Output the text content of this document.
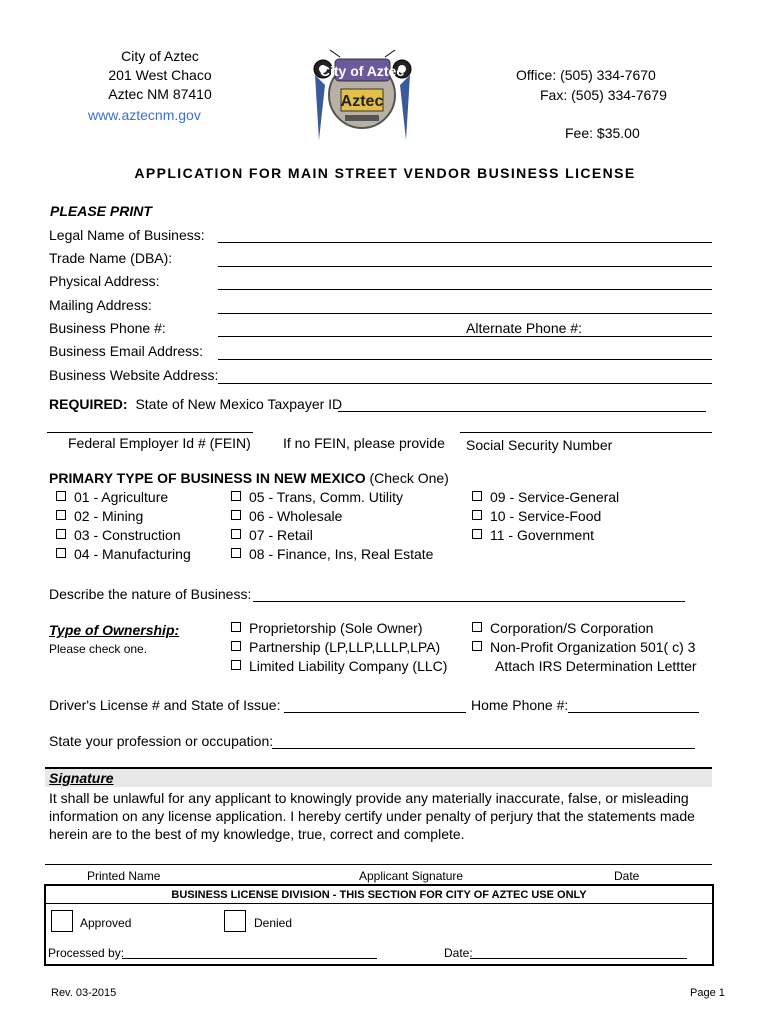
City of Aztec
201 West Chaco
Aztec NM 87410
www.aztecnm.gov
City of Aztec
Aztec
Office: (505) 334-7670
Fax: (505) 334-7679
Fee: $35.00
APPLICATION FOR MAIN STREET VENDOR BUSINESS LICENSE
PLEASE PRINT
Legal Name of Business:
Trade Name (DBA):
Physical Address:
Mailing Address:
Business Phone #:	Alternate Phone #:
Business Email Address:
Business Website Address:
REQUIRED: State of New Mexico Taxpayer ID
Federal Employer Id # (FEIN) If no FEIN, please provide Social Security Number
PRIMARY TYPE OF BUSINESS IN NEW MEXICO (Check One)
01 - Agriculture
02 - Mining
03 - Construction
04 - Manufacturing
05 - Trans, Comm. Utility
06 - Wholesale
07 - Retail
08 - Finance, Ins, Real Estate
09 - Service-General
10 - Service-Food
11 - Government
Describe the nature of Business:
Type of Ownership:
Please check one.
Proprietorship (Sole Owner)
Partnership (LP,LLP,LLLP,LPA)
Limited Liability Company (LLC)
Corporation/S Corporation
Non-Profit Organization 501( c) 3
Attach IRS Determination Lettter
Driver's License # and State of Issue:	Home Phone #:
State your profession or occupation:
Signature
It shall be unlawful for any applicant to knowingly provide any materially inaccurate, false, or misleading
information on any license application. I hereby certify under penalty of perjury that the statements made
herein are to the best of my knowledge, true, correct and complete.
Printed Name	Applicant Signature	Date
BUSINESS LICENSE DIVISION - THIS SECTION FOR CITY OF AZTEC USE ONLY
Approved	Denied
Processed by:	Date:
Rev. 03-2015	Page 1
